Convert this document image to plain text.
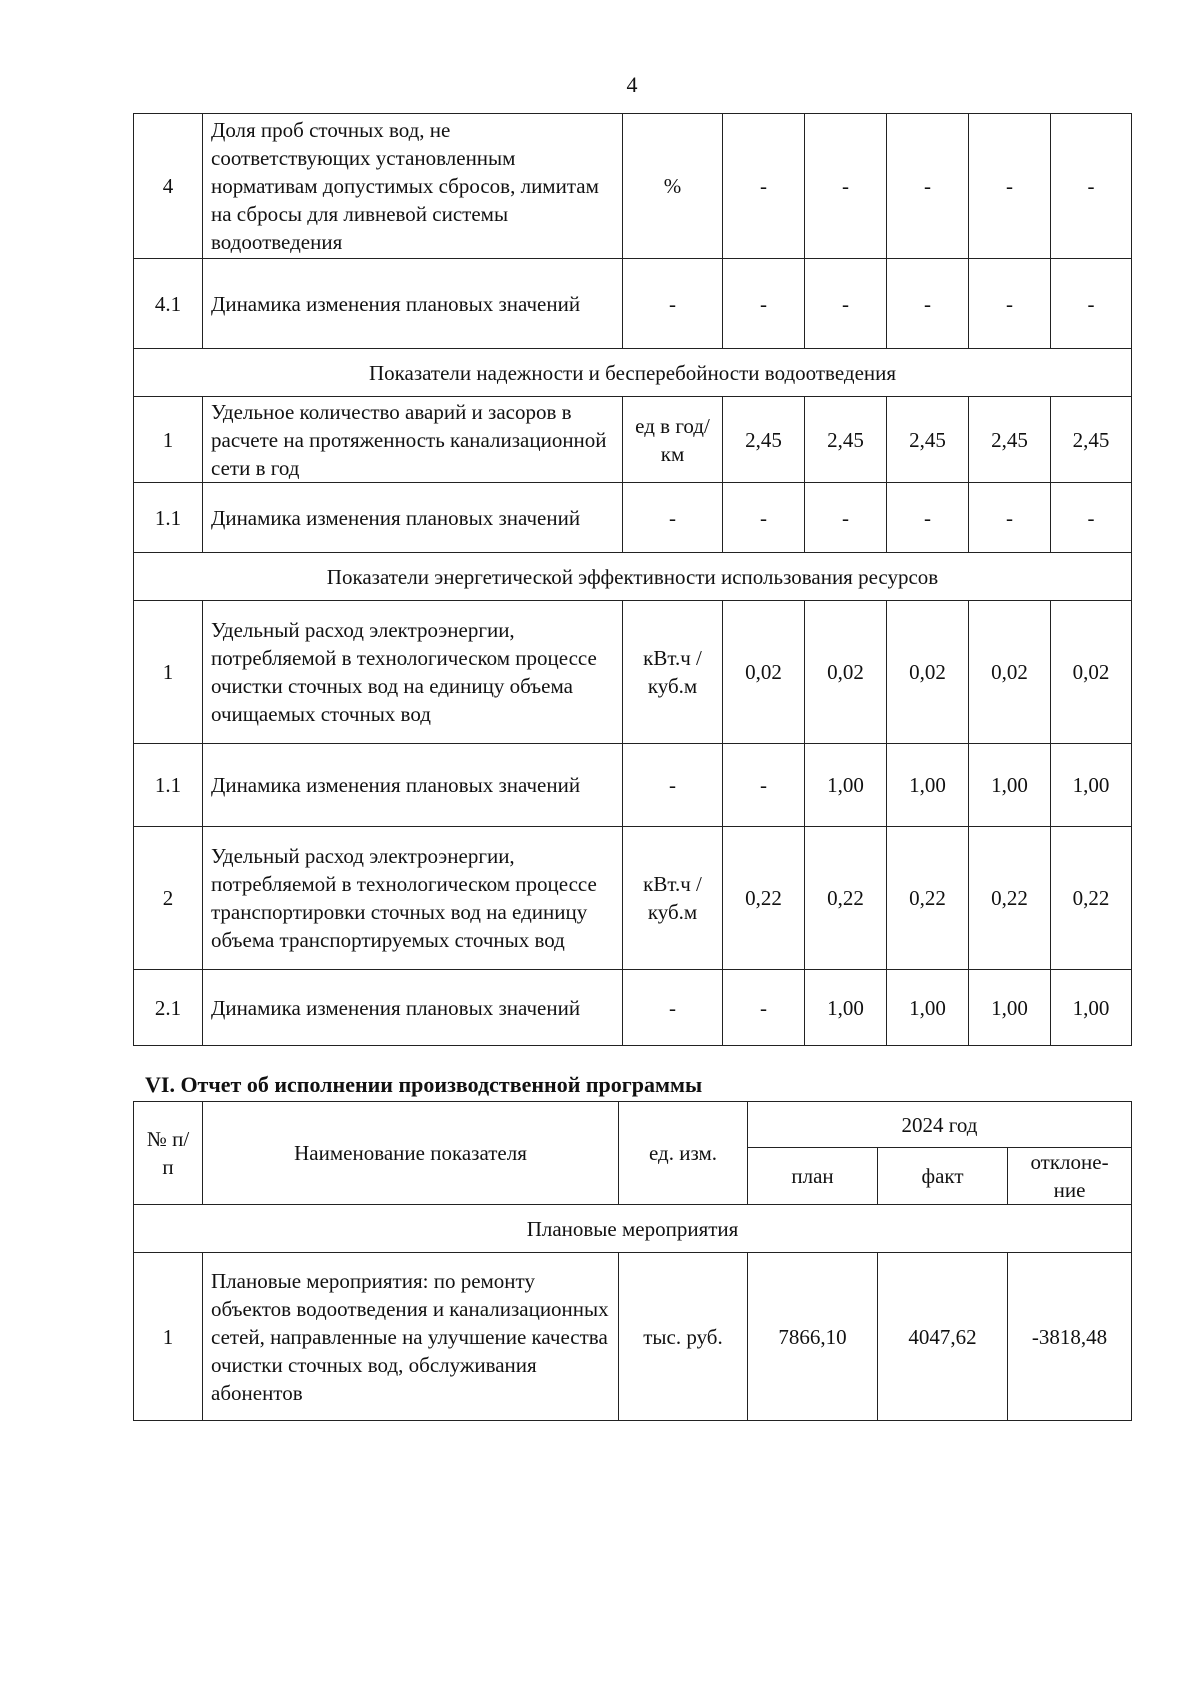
4
4	Доля проб сточных вод, не соответствующих установленным нормативам допустимых сбросов, лимитам на сбросы для ливневой системы водоотведения	%	-	-	-	-	-
4.1	Динамика изменения плановых значений	-	-	-	-	-	-
Показатели надежности и бесперебойности водоотведения							
1	Удельное количество аварий и засоров в расчете на протяженность канализационной сети в год	ед в год/ км	2,45	2,45	2,45	2,45	2,45
1.1	Динамика изменения плановых значений	-	-	-	-	-	-
Показатели энергетической эффективности использования ресурсов							
1	Удельный расход электроэнергии, потребляемой в технологическом процессе очистки сточных вод на единицу объема очищаемых сточных вод	кВт.ч / куб.м	0,02	0,02	0,02	0,02	0,02
1.1	Динамика изменения плановых значений	-	-	1,00	1,00	1,00	1,00
2	Удельный расход электроэнергии, потребляемой в технологическом процессе транспортировки сточных вод на единицу объема транспортируемых сточных вод	кВт.ч / куб.м	0,22	0,22	0,22	0,22	0,22
2.1	Динамика изменения плановых значений	-	-	1,00	1,00	1,00	1,00
VI. Отчет об исполнении производственной программы
№ п/п	Наименование показателя	ед. изм.	2024 год		
			план	факт	отклоне-ние
Плановые мероприятия					
1	Плановые мероприятия: по ремонту объектов водоотведения и канализационных сетей, направленные на улучшение качества очистки сточных вод, обслуживания абонентов	тыс. руб.	7866,10	4047,62	-3818,48
